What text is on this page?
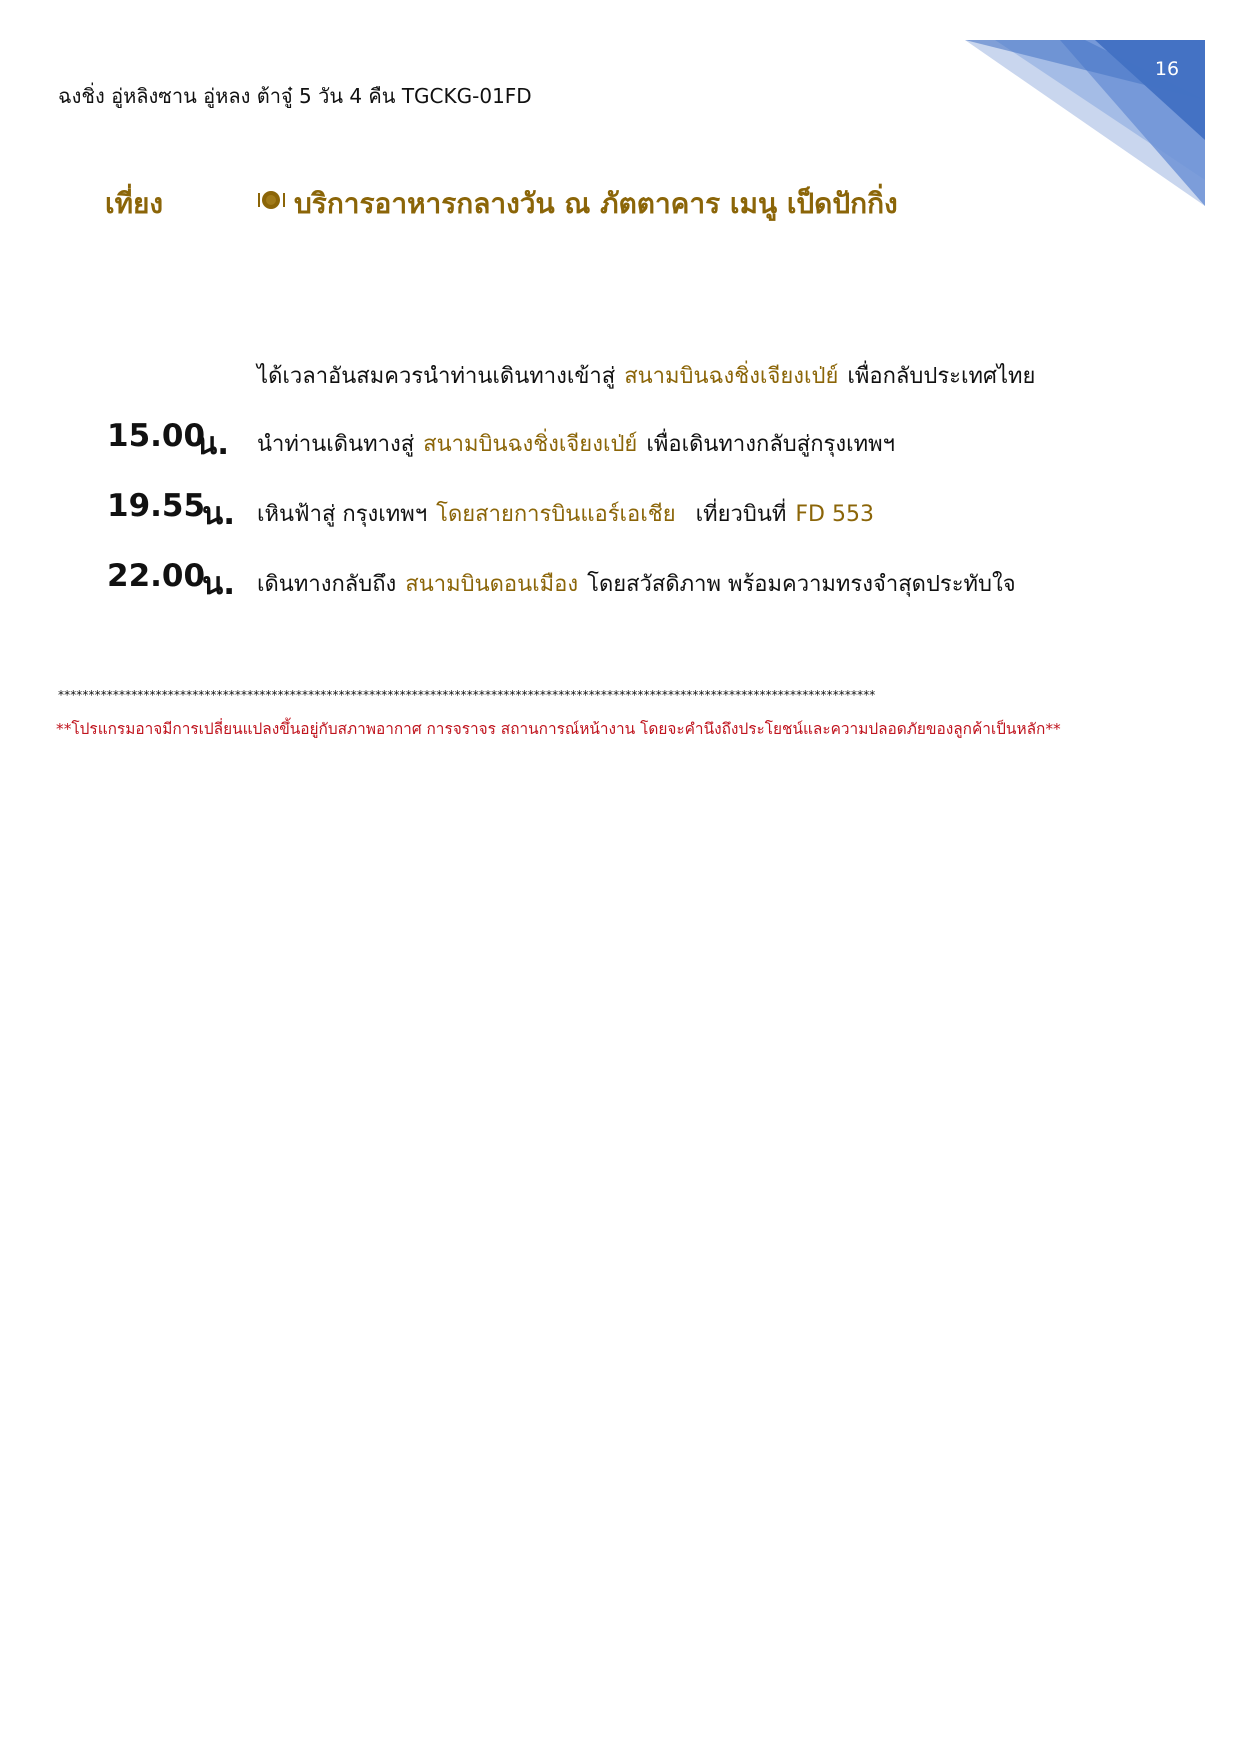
16
ฉงชิ่ง อู่หลิงซาน อู่หลง ต้าจู๋ 5 วัน 4 คืน TGCKG-01FD
เที่ยง	บริการอาหารกลางวัน ณ ภัตตาคาร เมนู เป็ดปักกิ่ง
ได้เวลาอันสมควรนำท่านเดินทางเข้าสู่ สนามบินฉงชิ่งเจียงเป่ย์ เพื่อกลับประเทศไทย
15.00
น. นำท่านเดินทางสู่ สนามบินฉงชิ่งเจียงเป่ย์ เพื่อเดินทางกลับสู่กรุงเทพฯ
19.55
น. เหินฟ้าสู่ กรุงเทพฯ โดยสายการบินแอร์เอเชีย เที่ยวบินที่ FD 553
22.00
น. เดินทางกลับถึง สนามบินดอนเมือง โดยสวัสดิภาพ พร้อมความทรงจำสุดประทับใจ
**************************************************************************************************************************************
**โปรแกรมอาจมีการเปลี่ยนแปลงขึ้นอยู่กับสภาพอากาศ การจราจร สถานการณ์หน้างาน โดยจะคำนึงถึงประโยชน์และความปลอดภัยของลูกค้าเป็นหลัก**
